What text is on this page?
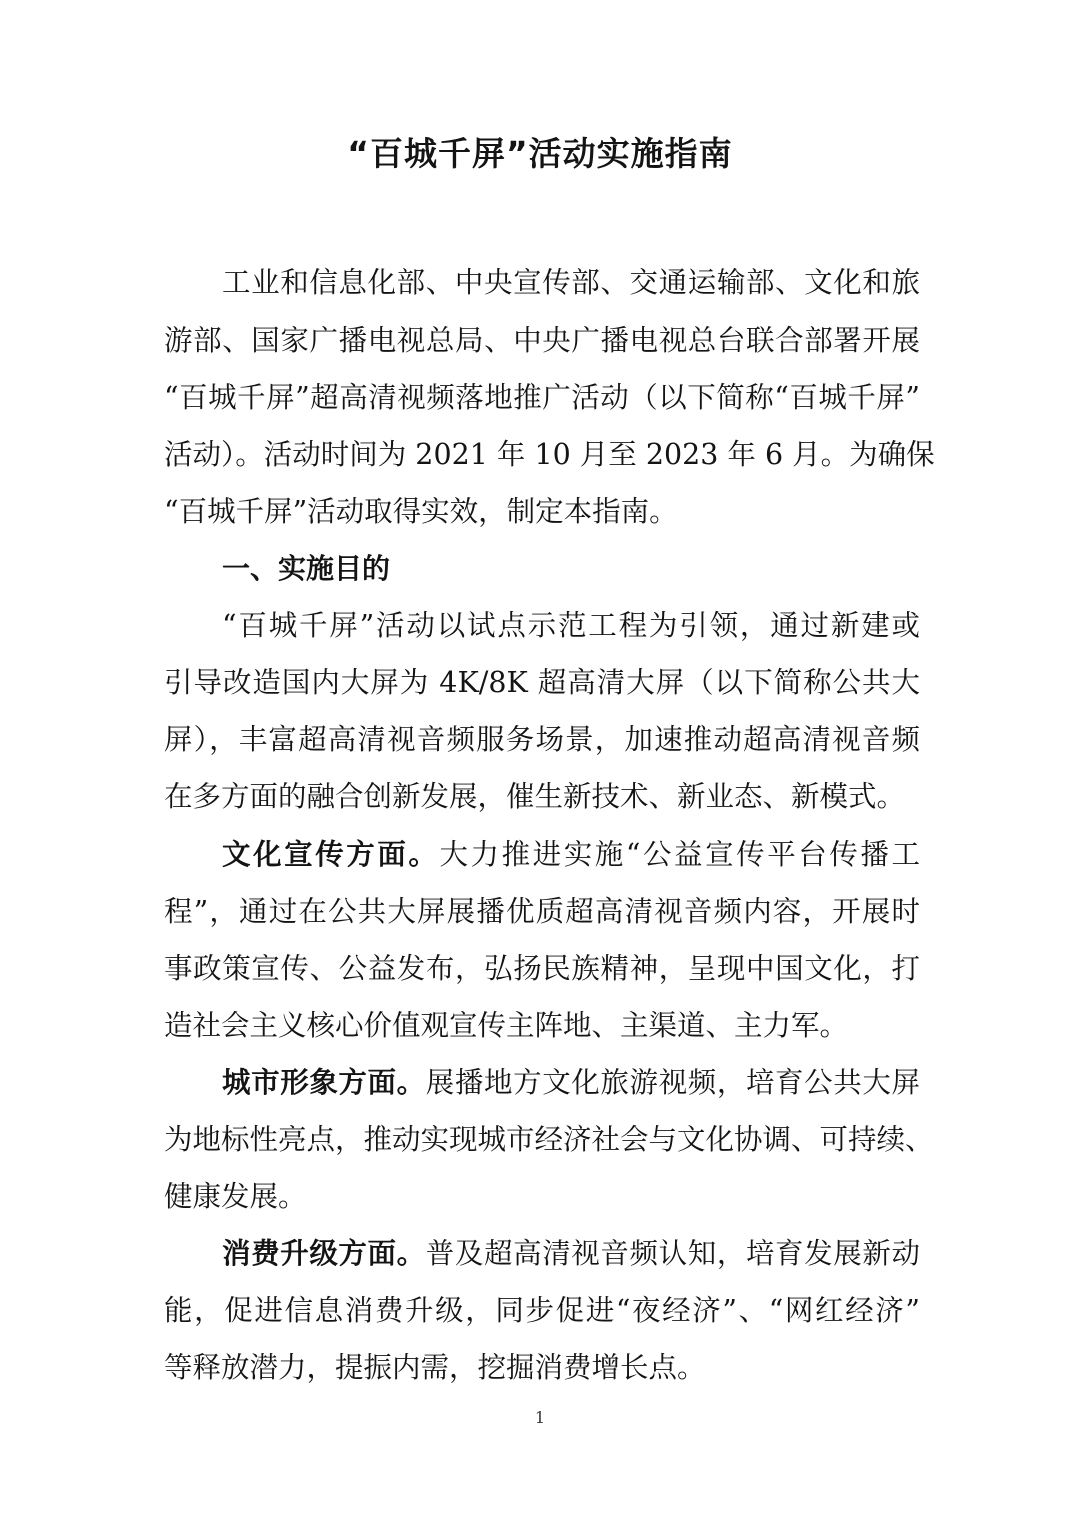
“百城千屏”活动实施指南
工业和信息化部、中央宣传部、交通运输部、文化和旅
游部、国家广播电视总局、中央广播电视总台联合部署开展
“百城千屏”超高清视频落地推广活动（以下简称“百城千屏”
活动）。活动时间为 2021 年 10 月至 2023 年 6 月。为确保
“百城千屏”活动取得实效，制定本指南。
一、实施目的
“百城千屏”活动以试点示范工程为引领，通过新建或
引导改造国内大屏为 4K/8K 超高清大屏（以下简称公共大
屏），丰富超高清视音频服务场景，加速推动超高清视音频
在多方面的融合创新发展，催生新技术、新业态、新模式。
文化宣传方面。大力推进实施“公益宣传平台传播工
程”，通过在公共大屏展播优质超高清视音频内容，开展时
事政策宣传、公益发布，弘扬民族精神，呈现中国文化，打
造社会主义核心价值观宣传主阵地、主渠道、主力军。
城市形象方面。展播地方文化旅游视频，培育公共大屏
为地标性亮点，推动实现城市经济社会与文化协调、可持续、
健康发展。
消费升级方面。普及超高清视音频认知，培育发展新动
能，促进信息消费升级，同步促进“夜经济”、“网红经济”
等释放潜力，提振内需，挖掘消费增长点。
1
